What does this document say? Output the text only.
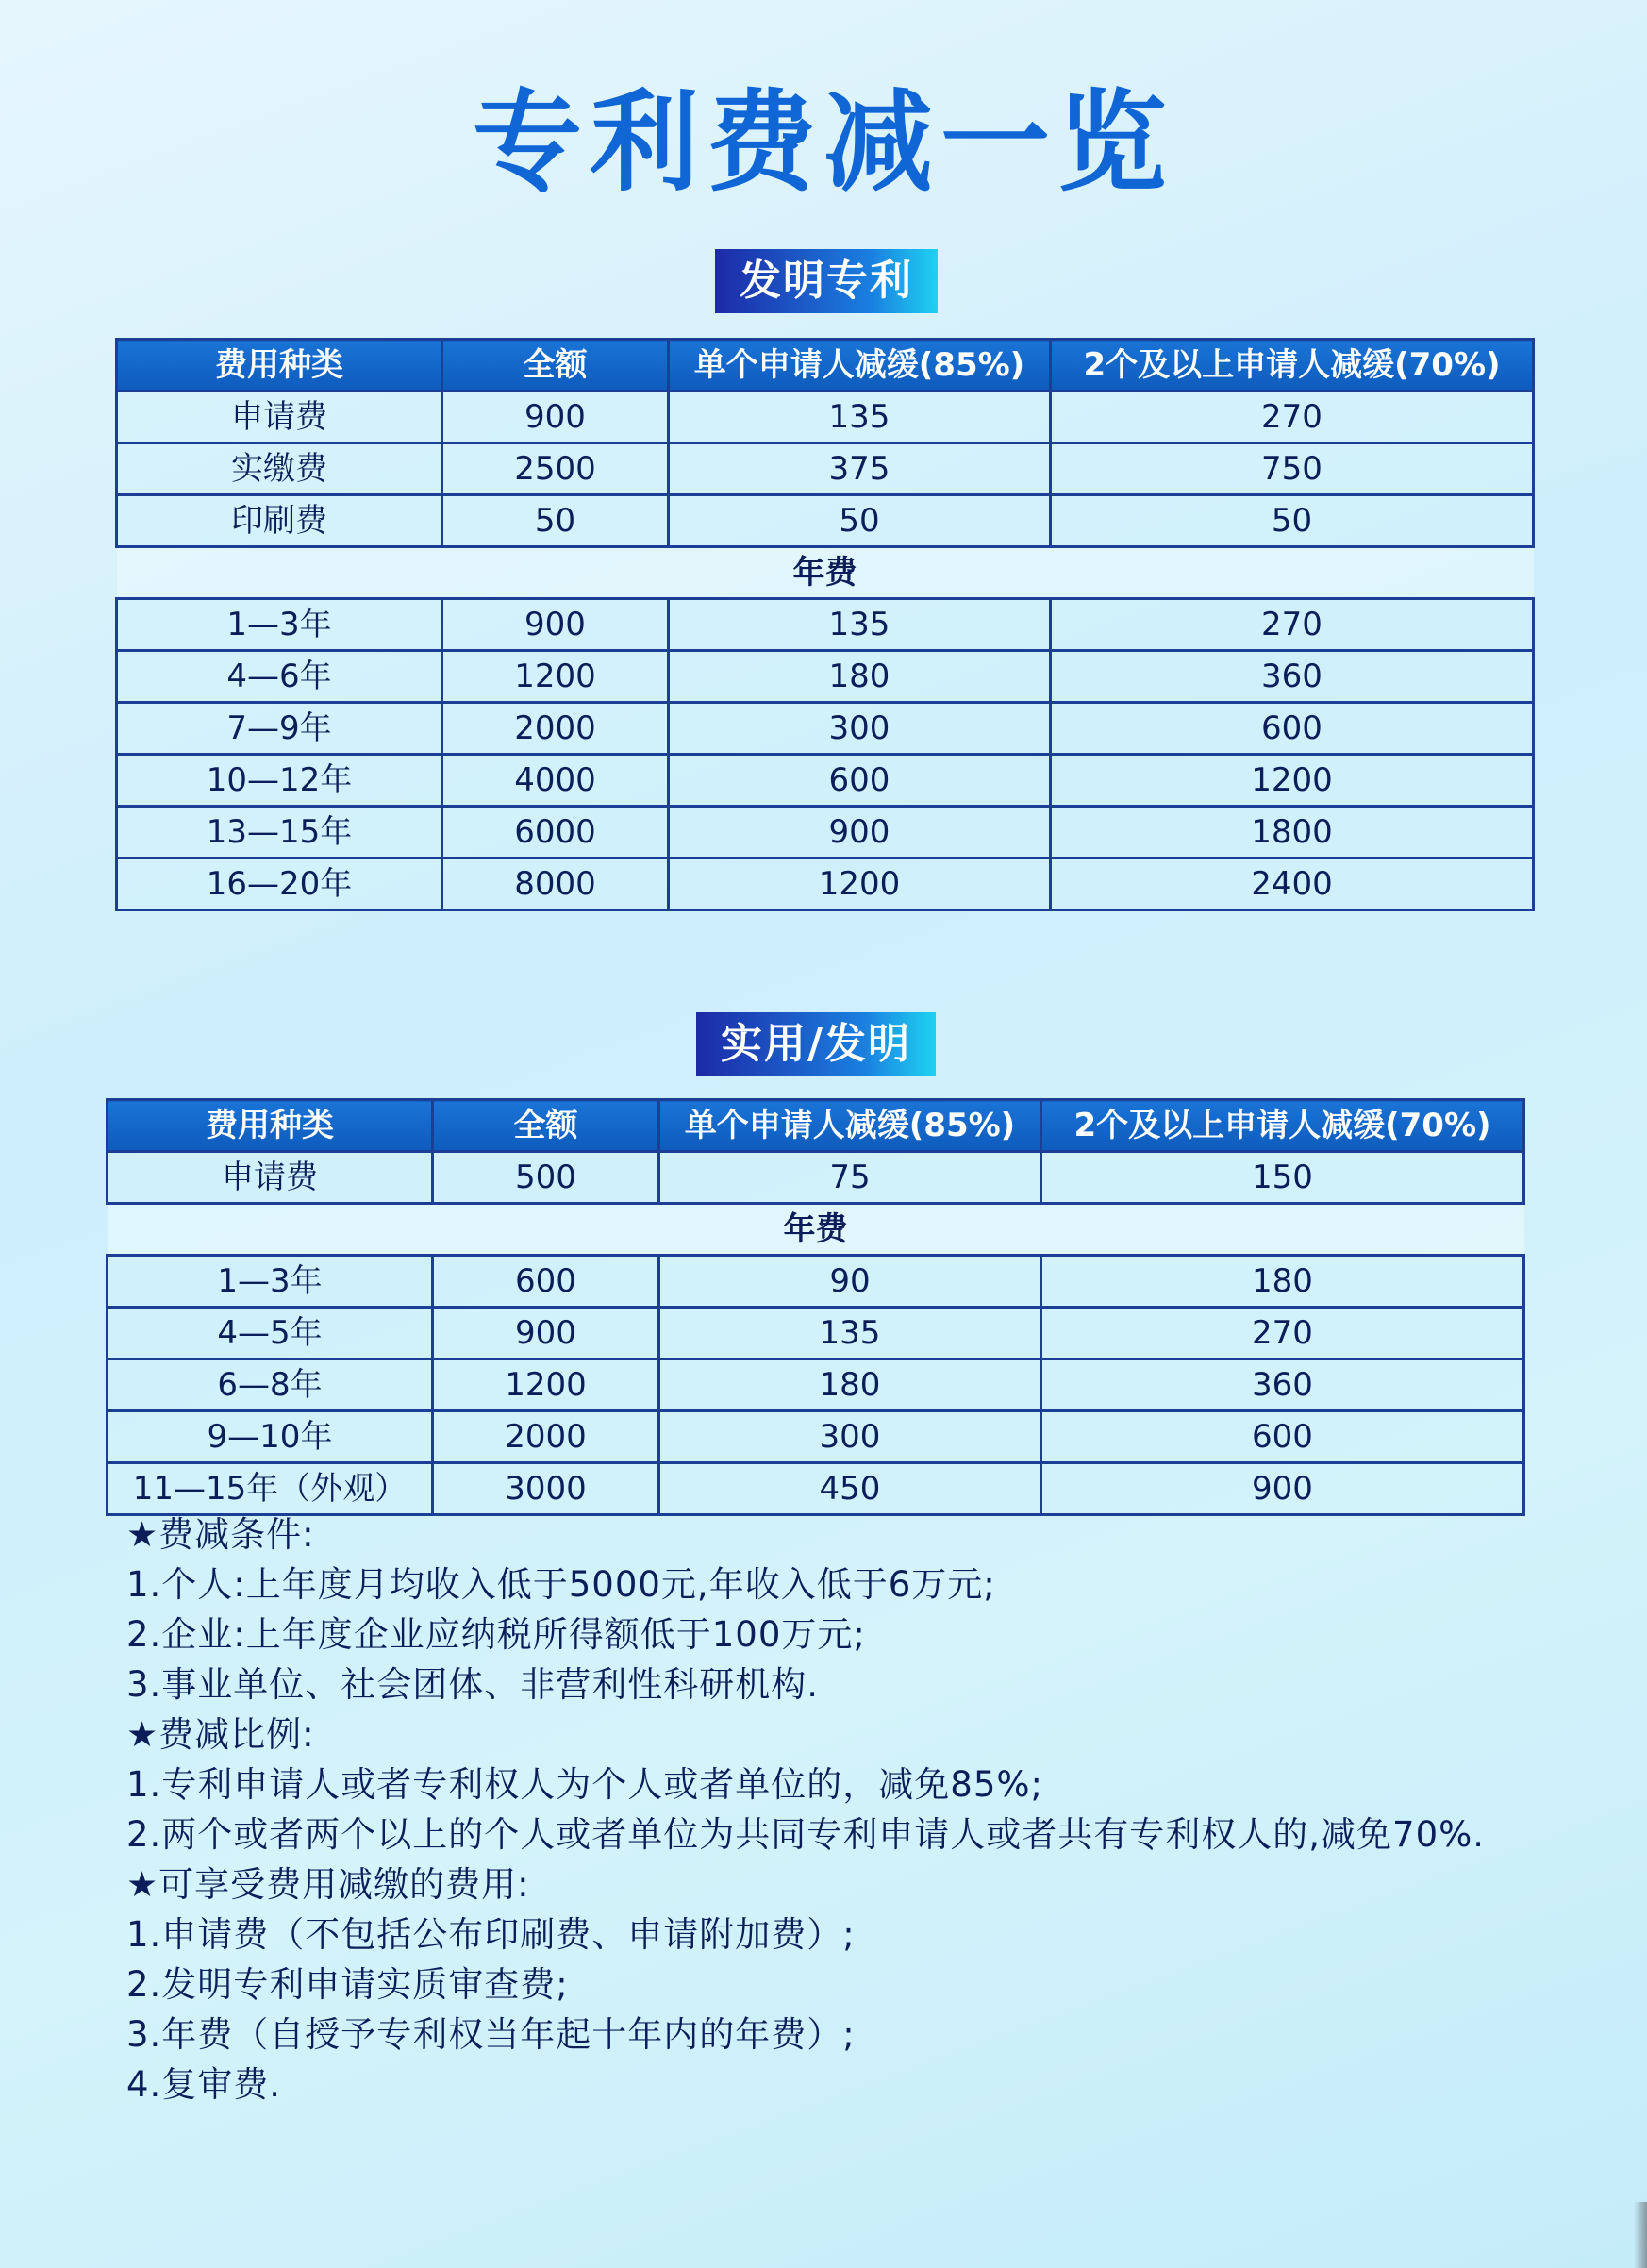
专利费减一览
发明专利
费用种类	全额	单个申请人减缓(85%)	2个及以上申请人减缓(70%)
申请费	900	135	270
实缴费	2500	375	750
印刷费	50	50	50
年费			
1—3年	900	135	270
4—6年	1200	180	360
7—9年	2000	300	600
10—12年	4000	600	1200
13—15年	6000	900	1800
16—20年	8000	1200	2400
实用/发明
费用种类	全额	单个申请人减缓(85%)	2个及以上申请人减缓(70%)
申请费	500	75	150
年费			
1—3年	600	90	180
4—5年	900	135	270
6—8年	1200	180	360
9—10年	2000	300	600
11—15年（外观）	3000	450	900

★费减条件:

1.个人:上年度月均收入低于5000元,年收入低于6万元;

2.企业:上年度企业应纳税所得额低于100万元;

3.事业单位、社会团体、非营利性科研机构.

★费减比例:

1.专利申请人或者专利权人为个人或者单位的，减免85%;

2.两个或者两个以上的个人或者单位为共同专利申请人或者共有专利权人的,减免70%.

★可享受费用减缴的费用:

1.申请费（不包括公布印刷费、申请附加费）;

2.发明专利申请实质审查费;

3.年费（自授予专利权当年起十年内的年费）;

4.复审费.
